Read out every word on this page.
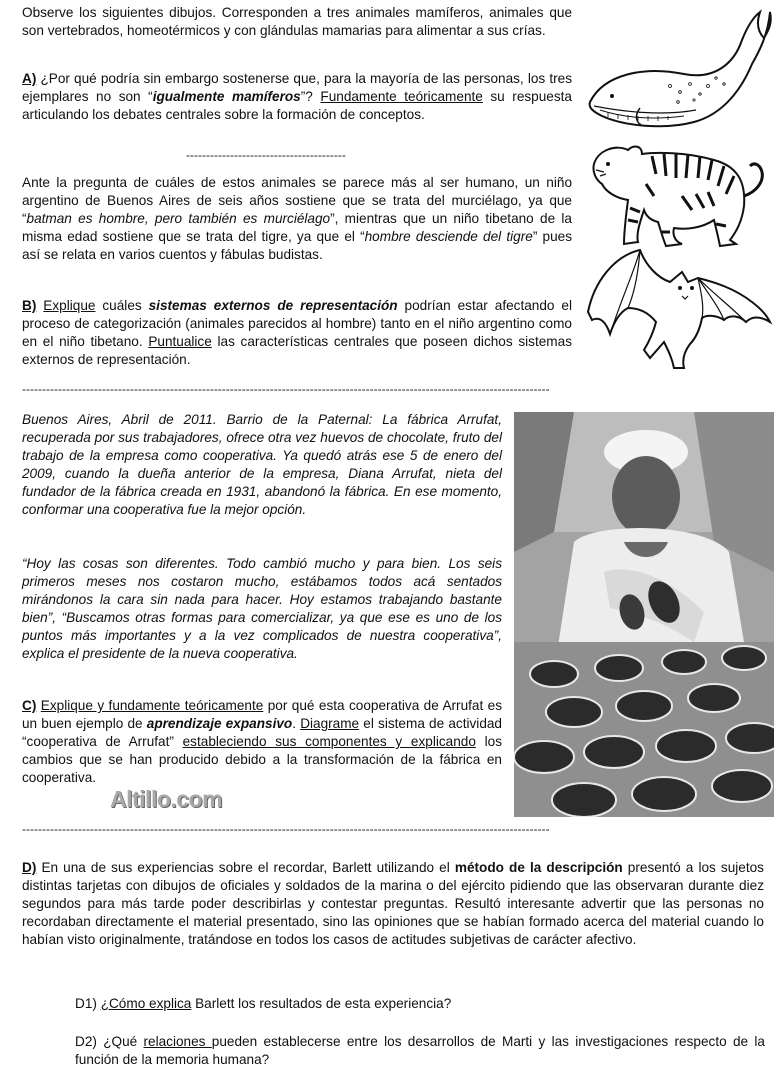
Observe los siguientes dibujos. Corresponden a tres animales mamíferos, animales que son vertebrados, homeotérmicos y con glándulas mamarias para alimentar a sus crías.

A) ¿Por qué podría sin embargo sostenerse que, para la mayoría de las personas, los tres ejemplares no son “igualmente mamíferos”? Fundamente teóricamente su respuesta articulando los debates centrales sobre la formación de conceptos.

----------------------------------------

Ante la pregunta de cuáles de estos animales se parece más al ser humano, un niño argentino de Buenos Aires de seis años sostiene que se trata del murciélago, ya que “batman es hombre, pero también es murciélago”, mientras que un niño tibetano de la misma edad sostiene que se trata del tigre, ya que el “hombre desciende del tigre” pues así se relata en varios cuentos y fábulas budistas.

B) Explique cuáles sistemas externos de representación podrían estar afectando el proceso de categorización (animales parecidos al hombre) tanto en el niño argentino como en el niño tibetano. Puntualice las características centrales que poseen dichos sistemas externos de representación.

------------------------------------------------------------------------------------------------------------------------------------

Buenos Aires, Abril de 2011. Barrio de la Paternal: La fábrica Arrufat, recuperada por sus trabajadores, ofrece otra vez huevos de chocolate, fruto del trabajo de la empresa como cooperativa. Ya quedó atrás ese 5 de enero del 2009, cuando la dueña anterior de la empresa, Diana Arrufat, nieta del fundador de la fábrica creada en 1931, abandonó la fábrica. En ese momento, conformar una cooperativa fue la mejor opción.

“Hoy las cosas son diferentes. Todo cambió mucho y para bien. Los seis primeros meses nos costaron mucho, estábamos todos acá sentados mirándonos la cara sin nada para hacer. Hoy estamos trabajando bastante bien”, “Buscamos otras formas para comercializar, ya que ese es uno de los puntos más importantes y a la vez complicados de nuestra cooperativa”, explica el presidente de la nueva cooperativa.

C) Explique y fundamente teóricamente por qué esta cooperativa de Arrufat es un buen ejemplo de aprendizaje expansivo. Diagrame el sistema de actividad “cooperativa de Arrufat” estableciendo sus componentes y explicando los cambios que se han producido debido a la transformación de la fábrica en cooperativa.

Altillo.com
------------------------------------------------------------------------------------------------------------------------------------

D) En una de sus experiencias sobre el recordar, Barlett utilizando el método de la descripción presentó a los sujetos distintas tarjetas con dibujos de oficiales y soldados de la marina o del ejército pidiendo que las observaran durante diez segundos para más tarde poder describirlas y contestar preguntas. Resultó interesante advertir que las personas no recordaban directamente el material presentado, sino las opiniones que se habían formado acerca del material cuando lo habían visto originalmente, tratándose en todos los casos de actitudes subjetivas de carácter afectivo.

D1) ¿Cómo explica Barlett los resultados de esta experiencia?

D2) ¿Qué relaciones pueden establecerse entre los desarrollos de Marti y las investigaciones respecto de la función de la memoria humana?
